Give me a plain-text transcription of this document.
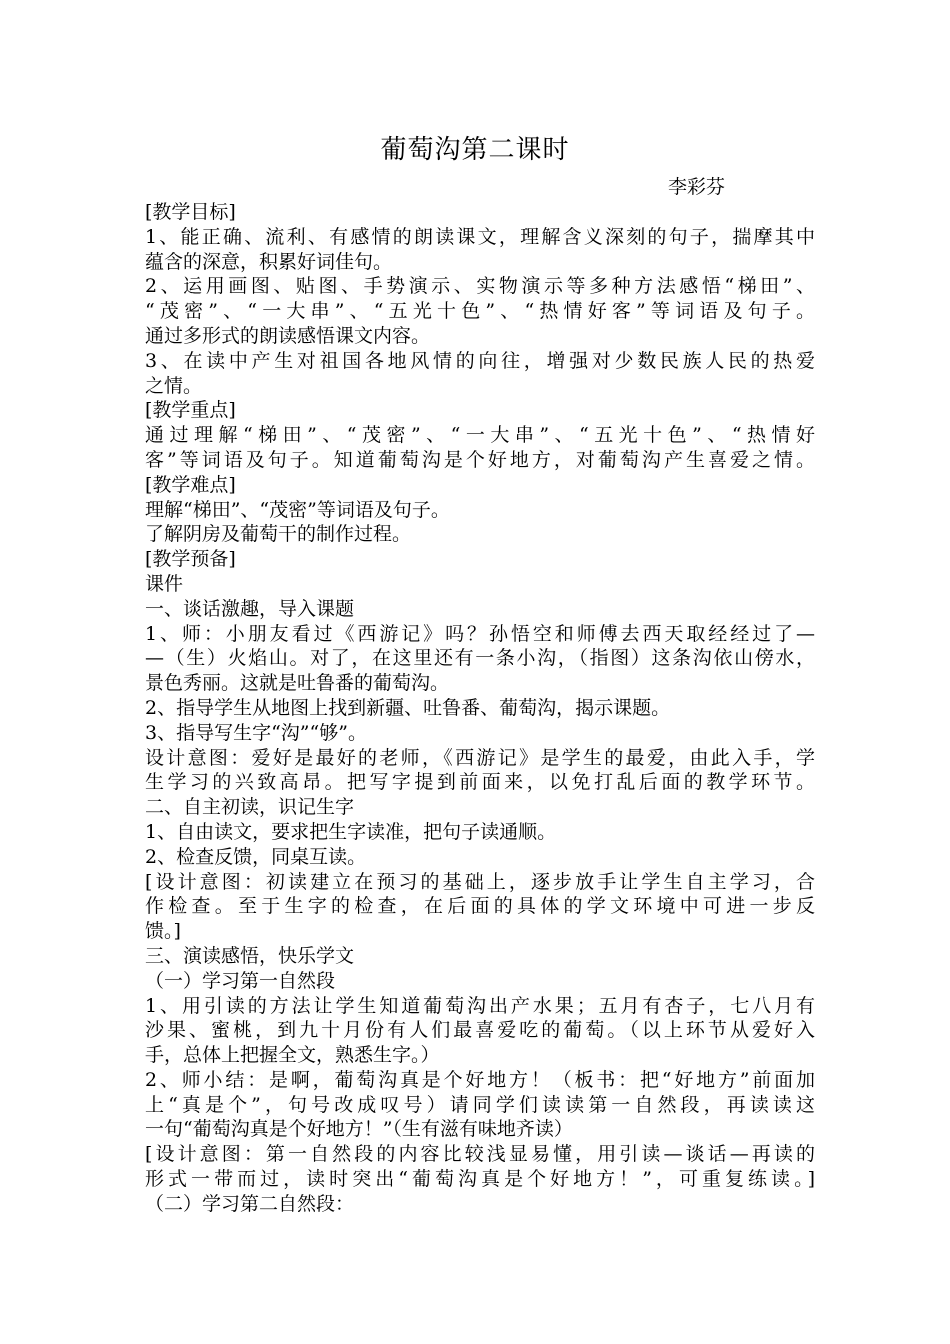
葡萄沟第二课时
李彩芬
[教学目标]
1、能正确、流利、有感情的朗读课文，理解含义深刻的句子，揣摩其中
蕴含的深意，积累好词佳句。
2、运用画图、贴图、手势演示、实物演示等多种方法感悟“梯田”、
“茂密”、“一大串”、“五光十色”、“热情好客”等词语及句子。
通过多形式的朗读感悟课文内容。
3、在读中产生对祖国各地风情的向往，增强对少数民族人民的热爱
之情。
[教学重点]
通过理解“梯田”、“茂密”、“一大串”、“五光十色”、“热情好
客”等词语及句子。知道葡萄沟是个好地方，对葡萄沟产生喜爱之情。
[教学难点]
理解“梯田”、“茂密”等词语及句子。
了解阴房及葡萄干的制作过程。
[教学预备]
课件
一、谈话激趣，导入课题
1、师：小朋友看过《西游记》吗？孙悟空和师傅去西天取经经过了—
—（生）火焰山。对了，在这里还有一条小沟，（指图）这条沟依山傍水，
景色秀丽。这就是吐鲁番的葡萄沟。
2、指导学生从地图上找到新疆、吐鲁番、葡萄沟，揭示课题。
3、指导写生字“沟”“够”。
设计意图：爱好是最好的老师，《西游记》是学生的最爱，由此入手，学
生学习的兴致高昂。把写字提到前面来，以免打乱后面的教学环节。
二、自主初读，识记生字
1、自由读文，要求把生字读准，把句子读通顺。
2、检查反馈，同桌互读。
[设计意图：初读建立在预习的基础上，逐步放手让学生自主学习，合
作检查。至于生字的检查，在后面的具体的学文环境中可进一步反
馈。]
三、演读感悟，快乐学文
（一）学习第一自然段
1、用引读的方法让学生知道葡萄沟出产水果；五月有杏子，七八月有
沙果、蜜桃，到九十月份有人们最喜爱吃的葡萄。（以上环节从爱好入
手，总体上把握全文，熟悉生字。）
2、师小结：是啊，葡萄沟真是个好地方！（板书：把“好地方”前面加
上“真是个”，句号改成叹号）请同学们读读第一自然段，再读读这
一句“葡萄沟真是个好地方！”（生有滋有味地齐读）
[设计意图：第一自然段的内容比较浅显易懂，用引读—谈话—再读的
形式一带而过，读时突出“葡萄沟真是个好地方！”，可重复练读。]
（二）学习第二自然段：
